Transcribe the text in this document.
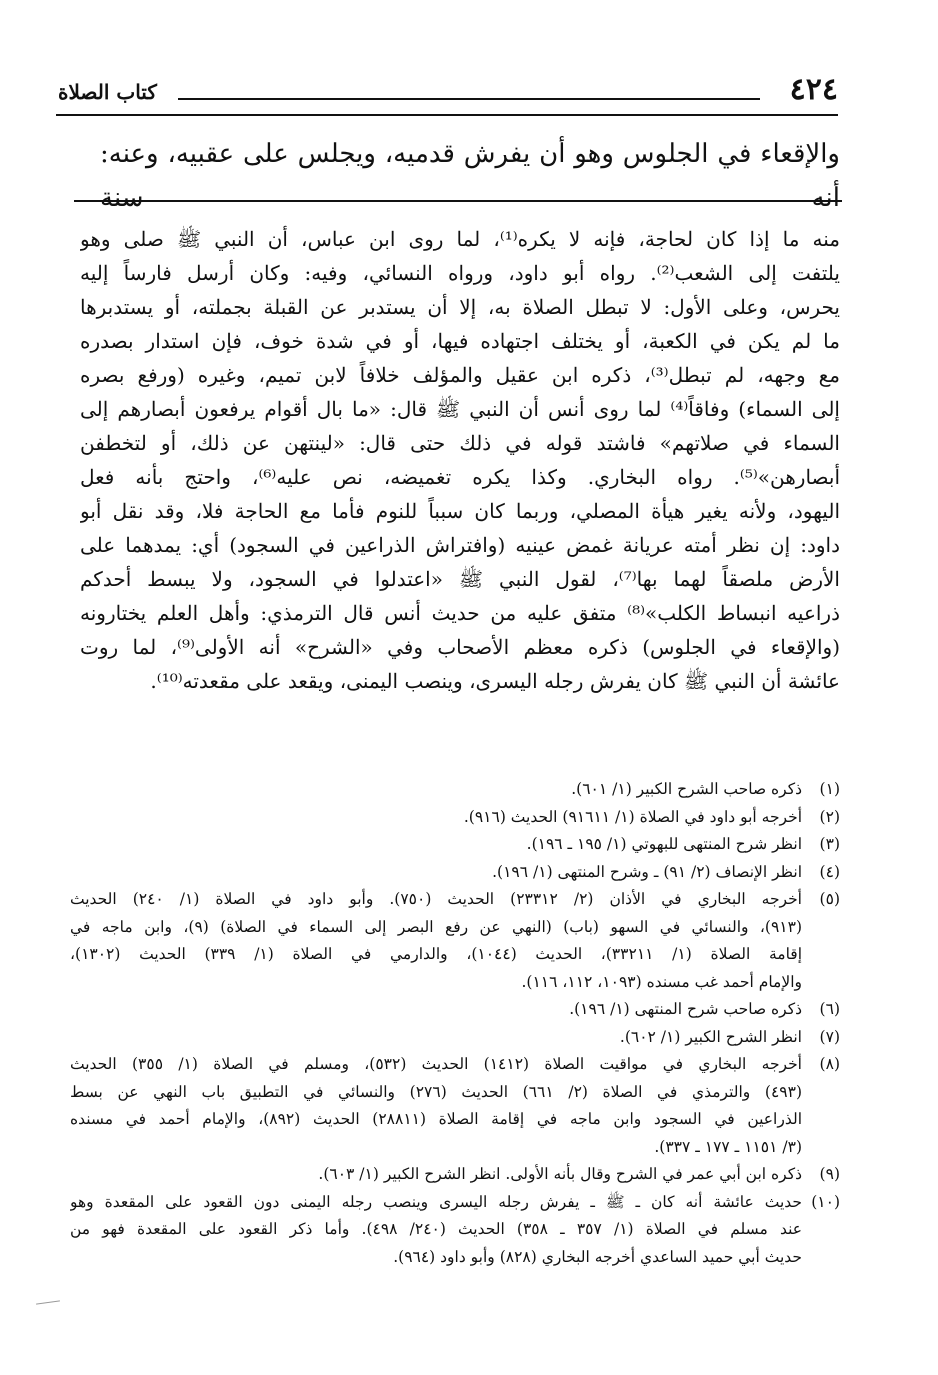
٤٢٤
كتاب الصلاة
والإقعاء في الجلوس وهو أن يفرش قدميه، ويجلس على عقبيه، وعنه: أنه سنة
منه ما إذا كان لحاجة، فإنه لا يكره⁽¹⁾، لما روى ابن عباس، أن النبي ﷺ صلى وهو
يلتفت إلى الشعب⁽²⁾. رواه أبو داود، ورواه النسائي، وفيه: وكان أرسل فارساً إليه
يحرس، وعلى الأول: لا تبطل الصلاة به، إلا أن يستدبر عن القبلة بجملته، أو يستدبرها
ما لم يكن في الكعبة، أو يختلف اجتهاده فيها، أو في شدة خوف، فإن استدار بصدره
مع وجهه، لم تبطل⁽³⁾، ذكره ابن عقيل والمؤلف خلافاً لابن تميم، وغيره (ورفع بصره
إلى السماء) وفاقاً⁽⁴⁾ لما روى أنس أن النبي ﷺ قال: «ما بال أقوام يرفعون أبصارهم إلى
السماء في صلاتهم» فاشتد قوله في ذلك حتى قال: «لينتهن عن ذلك، أو لتخطفن
أبصارهن»⁽⁵⁾. رواه البخاري. وكذا يكره تغميضه، نص عليه⁽⁶⁾، واحتج بأنه فعل
اليهود، ولأنه يغير هيأة المصلي، وربما كان سبباً للنوم فأما مع الحاجة فلا، وقد نقل أبو
داود: إن نظر أمته عريانة غمض عينيه (وافتراش الذراعين في السجود) أي: يمدهما على
الأرض ملصقاً لهما بها⁽⁷⁾، لقول النبي ﷺ «اعتدلوا في السجود، ولا يبسط أحدكم
ذراعيه انبساط الكلب»⁽⁸⁾ متفق عليه من حديث أنس قال الترمذي: وأهل العلم يختارونه
(والإقعاء في الجلوس) ذكره معظم الأصحاب وفي «الشرح» أنه الأولى⁽⁹⁾، لما روت
عائشة أن النبي ﷺ كان يفرش رجله اليسرى، وينصب اليمنى، ويقعد على مقعدته⁽¹⁰⁾.
(١)
ذكره صاحب الشرح الكبير (١/ ٦٠١).
(٢)
أخرجه أبو داود في الصلاة (١/ ٩١٦١١) الحديث (٩١٦).
(٣)
انظر شرح المنتهى للبهوتي (١/ ١٩٥ ـ ١٩٦).
(٤)
انظر الإنصاف (٢/ ٩١) ـ وشرح المنتهى (١/ ١٩٦).
(٥)
أخرجه البخاري في الأذان (٢/ ٢٣٣١٢) الحديث (٧٥٠). وأبو داود في الصلاة (١/ ٢٤٠) الحديث
(٩١٣)، والنسائي في السهو (باب) (النهي عن رفع البصر إلى السماء في الصلاة) (٩)، وابن ماجه في
إقامة الصلاة (١/ ٣٣٢١١)، الحديث (١٠٤٤)، والدارمي في الصلاة (١/ ٣٣٩) الحديث (١٣٠٢)،
والإمام أحمد غب مسنده (١٠٩٣، ١١٢، ١١٦).
(٦)
ذكره صاحب شرح المنتهى (١/ ١٩٦).
(٧)
انظر الشرح الكبير (١/ ٦٠٢).
(٨)
أخرجه البخاري في مواقيت الصلاة (١٤١٢) الحديث (٥٣٢)، ومسلم في الصلاة (١/ ٣٥٥) الحديث
(٤٩٣) والترمذي في الصلاة (٢/ ٦٦١) الحديث (٢٧٦) والنسائي في التطبيق باب النهي عن بسط
الذراعين في السجود وابن ماجه في إقامة الصلاة (٢٨٨١١) الحديث (٨٩٢)، والإمام أحمد في مسنده
(٣/ ١١٥١ ـ ١٧٧ ـ ٣٣٧).
(٩)
ذكره ابن أبي عمر في الشرح وقال بأنه الأولى. انظر الشرح الكبير (١/ ٦٠٣).
(١٠)
حديث عائشة أنه كان ـ ﷺ ـ يفرش رجله اليسرى وينصب رجله اليمنى دون القعود على المقعدة وهو
عند مسلم في الصلاة (١/ ٣٥٧ ـ ٣٥٨) الحديث (٢٤٠/ ٤٩٨). وأما ذكر القعود على المقعدة فهو من
حديث أبي حميد الساعدي أخرجه البخاري (٨٢٨) وأبو داود (٩٦٤).
